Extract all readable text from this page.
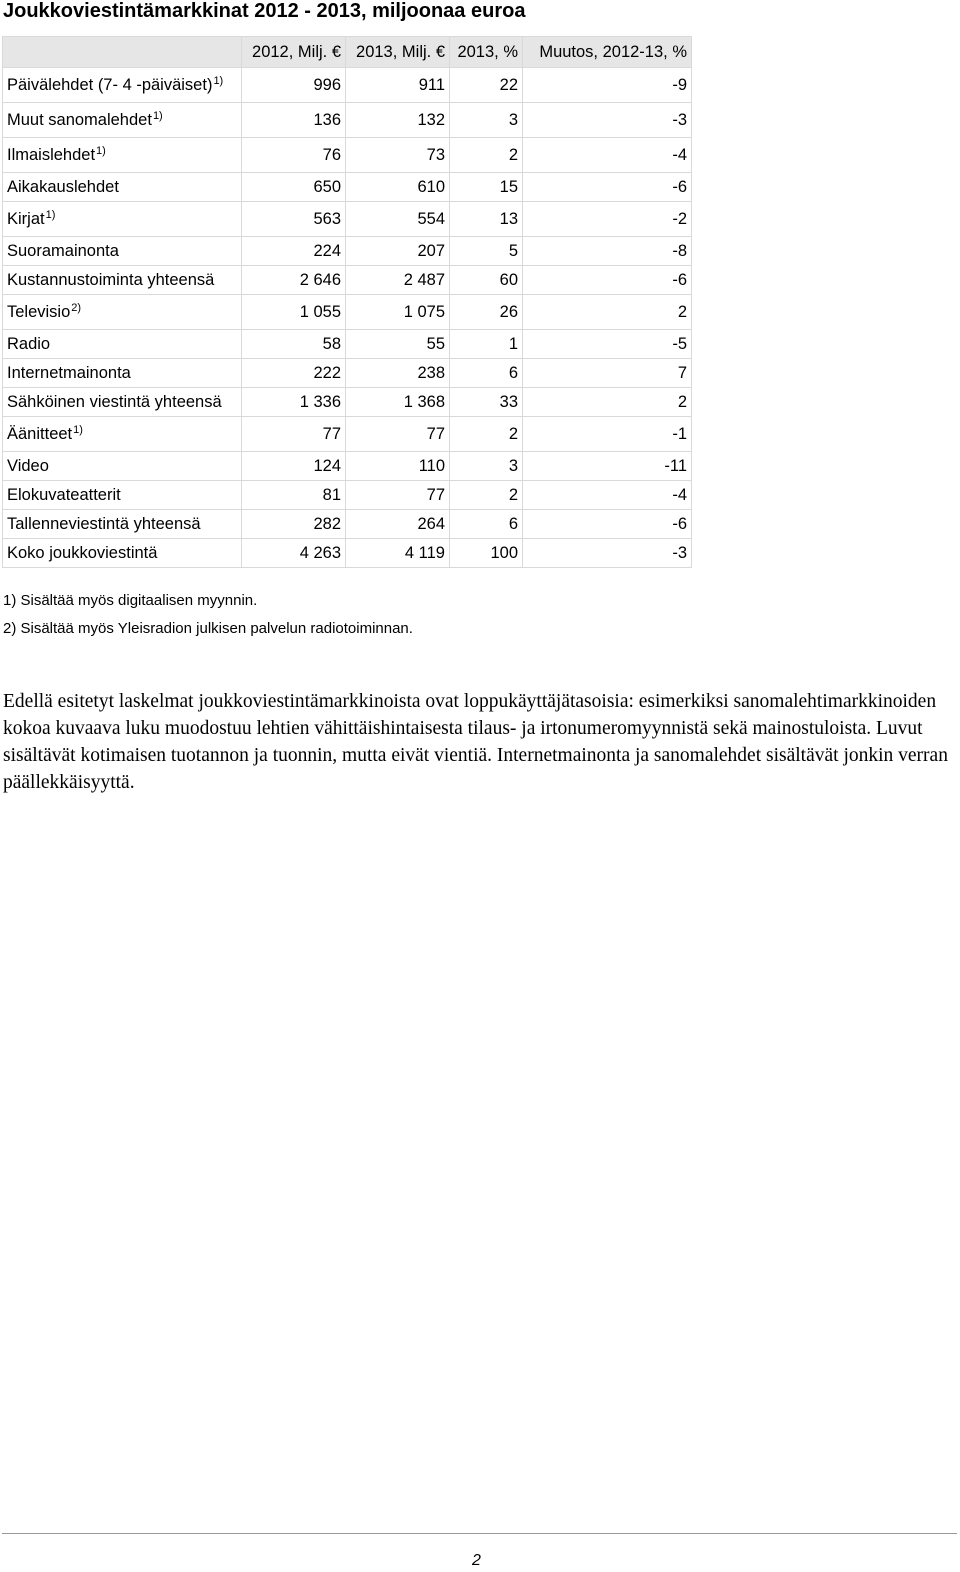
Joukkoviestintämarkkinat 2012 - 2013, miljoonaa euroa
	2012, Milj. €	2013, Milj. €	2013, %	Muutos, 2012-13, %
Päivälehdet (7- 4 -päiväiset)$^{1)}$	996	911	22	-9
Muut sanomalehdet$^{1)}$	136	132	3	-3
Ilmaislehdet$^{1)}$	76	73	2	-4
Aikakauslehdet	650	610	15	-6
Kirjat$^{1)}$	563	554	13	-2
Suoramainonta	224	207	5	-8
Kustannustoiminta yhteensä	2 646	2 487	60	-6
Televisio$^{2)}$	1 055	1 075	26	2
Radio	58	55	1	-5
Internetmainonta	222	238	6	7
Sähköinen viestintä yhteensä	1 336	1 368	33	2
Äänitteet$^{1)}$	77	77	2	-1
Video	124	110	3	-11
Elokuvateatterit	81	77	2	-4
Tallenneviestintä yhteensä	282	264	6	-6
Koko joukkoviestintä	4 263	4 119	100	-3
1) Sisältää myös digitaalisen myynnin.
2) Sisältää myös Yleisradion julkisen palvelun radiotoiminnan.
Edellä esitetyt laskelmat joukkoviestintämarkkinoista ovat loppukäyttäjätasoisia: esimerkiksi sanomalehtimarkkinoiden kokoa kuvaava luku muodostuu lehtien vähittäishintaisesta tilaus- ja irtonumeromyynnistä sekä mainostuloista. Luvut sisältävät kotimaisen tuotannon ja tuonnin, mutta eivät vientiä. Internetmainonta ja sanomalehdet sisältävät jonkin verran päällekkäisyyttä.
2
